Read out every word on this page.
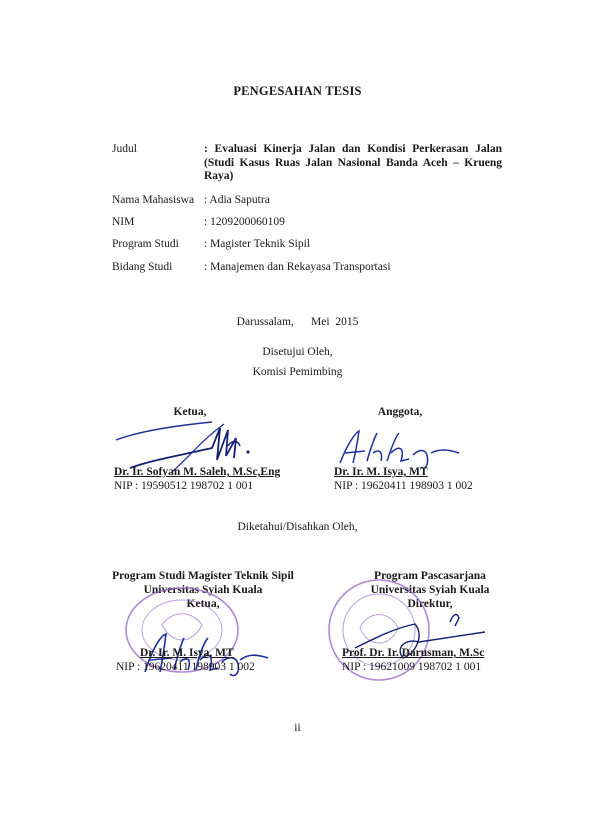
PENGESAHAN TESIS
Judul	: Evaluasi Kinerja Jalan dan Kondisi Perkerasan Jalan (Studi Kasus Ruas Jalan Nasional Banda Aceh – Krueng Raya)
Nama Mahasiswa : Adia Saputra
NIM	: 1209200060109
Program Studi	: Magister Teknik Sipil
Bidang Studi	: Manajemen dan Rekayasa Transportasi
Darussalam,      Mei  2015
Disetujui Oleh,
Komisi Pemimbing
Ketua,	Anggota,
Dr. Ir. Sofyan M. Saleh, M.Sc,Eng
NIP : 19590512 198702 1 001
Dr. Ir. M. Isya, MT
NIP : 19620411 198903 1 002
Diketahui/Disahkan Oleh,
Program Studi Magister Teknik Sipil
Universitas Syiah Kuala
Ketua,
Dr. Ir. M. Isya, MT
NIP : 19620411 198903 1 002
Program Pascasarjana
Universitas Syiah Kuala
Direktur,
Prof. Dr. Ir. Darusman, M.Sc
NIP : 19621009 198702 1 001
ii
